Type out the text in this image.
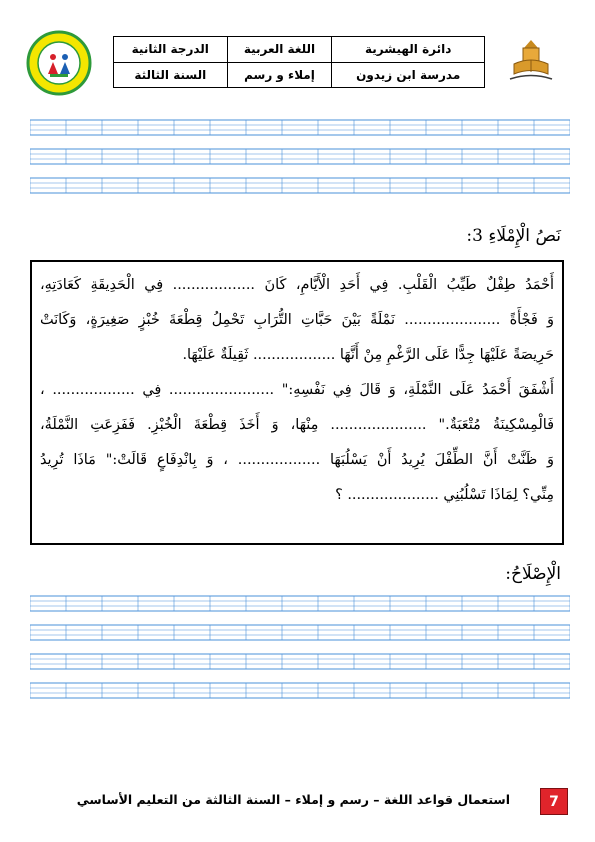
دائرة الهيشرية	اللغة العربية	الدرجة الثانية
مدرسة ابن زيدون	إملاء و رسم	السنة الثالثة
نَصُ الْإِمْلَاءِ 3:
أَحْمَدُ طِفْلٌ طَيِّبُ الْقَلْبِ. فِي أَحَدِ الْأَيَّامِ، كَانَ .................. فِي الْحَدِيقَةِ كَعَادَتِهِ،
وَ فَجْأَةً ..................... نَمْلَةً بَيْنَ حَبَّاتِ التُّرَابِ تَحْمِلُ قِطْعَةَ خُبْزٍ صَغِيرَةٍ، وَكَانَتْ
حَرِيصَةً عَلَيْهَا جِدًّا عَلَى الرَّغْمِ مِنْ أَنَّهَا .................. ثَقِيلَةٌ عَلَيْهَا.
أَشْفَقَ أَحْمَدُ عَلَى النَّمْلَةِ، وَ قَالَ فِي نَفْسِهِ:" ....................... فِي .................. ،
فَالْمِسْكِينَةُ مُتْعَبَةٌ." ..................... مِنْهَا، وَ أَخَذَ قِطْعَةَ الْخُبْزِ. فَفَزِعَتِ النَّمْلَةُ،
وَ ظَنَّتْ أَنَّ الطِّفْلَ يُرِيدُ أَنْ يَسْلُبَهَا .................. ، وَ بِانْدِفَاعٍ قَالَتْ:" مَاذَا تُرِيدُ
مِنِّي؟ لِمَاذَا تَسْلُبُنِي .................... ؟
الْإِصْلَاحُ:
استعمال قواعد اللغة – رسم و إملاء – السنة الثالثة من التعليم الأساسي	7
